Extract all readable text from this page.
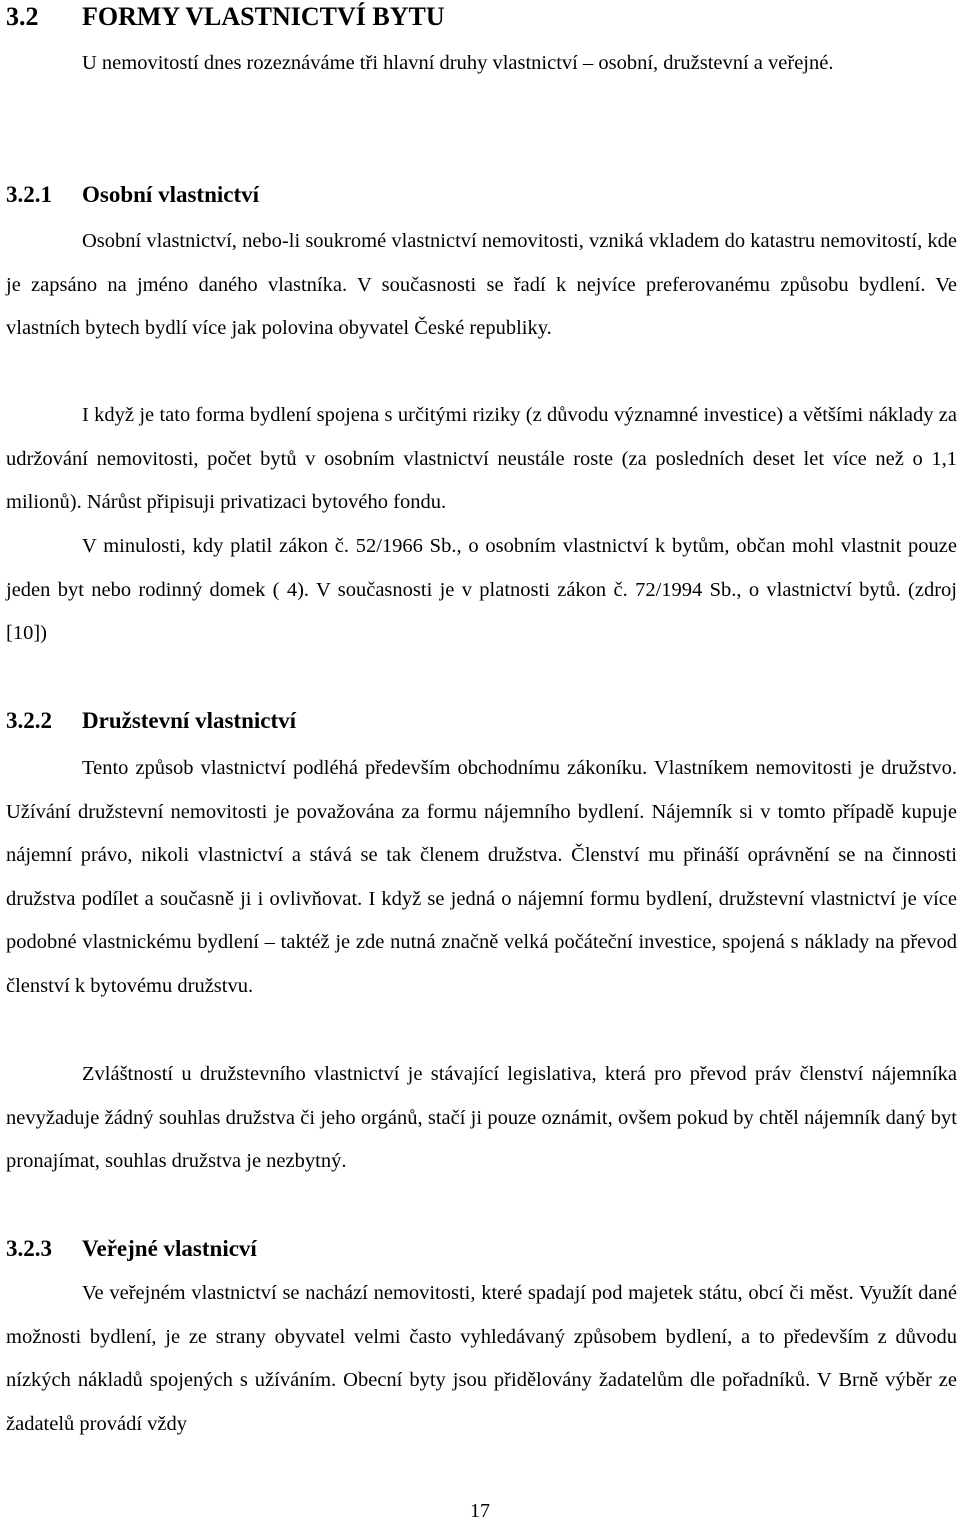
3.2 FORMY VLASTNICTVÍ BYTU

U nemovitostí dnes rozeznáváme tři hlavní druhy vlastnictví – osobní, družstevní a veřejné.

3.2.1 Osobní vlastnictví

Osobní vlastnictví, nebo-li soukromé vlastnictví nemovitosti, vzniká vkladem do katastru nemovitostí, kde je zapsáno na jméno daného vlastníka. V současnosti se řadí k nejvíce preferovanému způsobu bydlení. Ve vlastních bytech bydlí více jak polovina obyvatel České republiky.

I když je tato forma bydlení spojena s určitými riziky (z důvodu významné investice) a většími náklady za udržování nemovitosti, počet bytů v osobním vlastnictví neustále roste (za posledních deset let více než o 1,1 milionů). Nárůst připisuji privatizaci bytového fondu.

V minulosti, kdy platil zákon č. 52/1966 Sb., o osobním vlastnictví k bytům, občan mohl vlastnit pouze jeden byt nebo rodinný domek ( 4). V současnosti je v platnosti zákon č. 72/1994 Sb., o vlastnictví bytů. (zdroj [10])

3.2.2 Družstevní vlastnictví

Tento způsob vlastnictví podléhá především obchodnímu zákoníku. Vlastníkem nemovitosti je družstvo. Užívání družstevní nemovitosti je považována za formu nájemního bydlení. Nájemník si v tomto případě kupuje nájemní právo, nikoli vlastnictví a stává se tak členem družstva. Členství mu přináší oprávnění se na činnosti družstva podílet a současně ji i ovlivňovat. I když se jedná o nájemní formu bydlení, družstevní vlastnictví je více podobné vlastnickému bydlení – taktéž je zde nutná značně velká počáteční investice, spojená s náklady na převod členství k bytovému družstvu.

Zvláštností u družstevního vlastnictví je stávající legislativa, která pro převod práv členství nájemníka nevyžaduje žádný souhlas družstva či jeho orgánů, stačí ji pouze oznámit, ovšem pokud by chtěl nájemník daný byt pronajímat, souhlas družstva je nezbytný.

3.2.3 Veřejné vlastnicví

Ve veřejném vlastnictví se nachází nemovitosti, které spadají pod majetek státu, obcí či měst. Využít dané možnosti bydlení, je ze strany obyvatel velmi často vyhledávaný způsobem bydlení, a to především z důvodu nízkých nákladů spojených s užíváním. Obecní byty jsou přidělovány žadatelům dle pořadníků. V Brně výběr ze žadatelů provádí vždy

17
